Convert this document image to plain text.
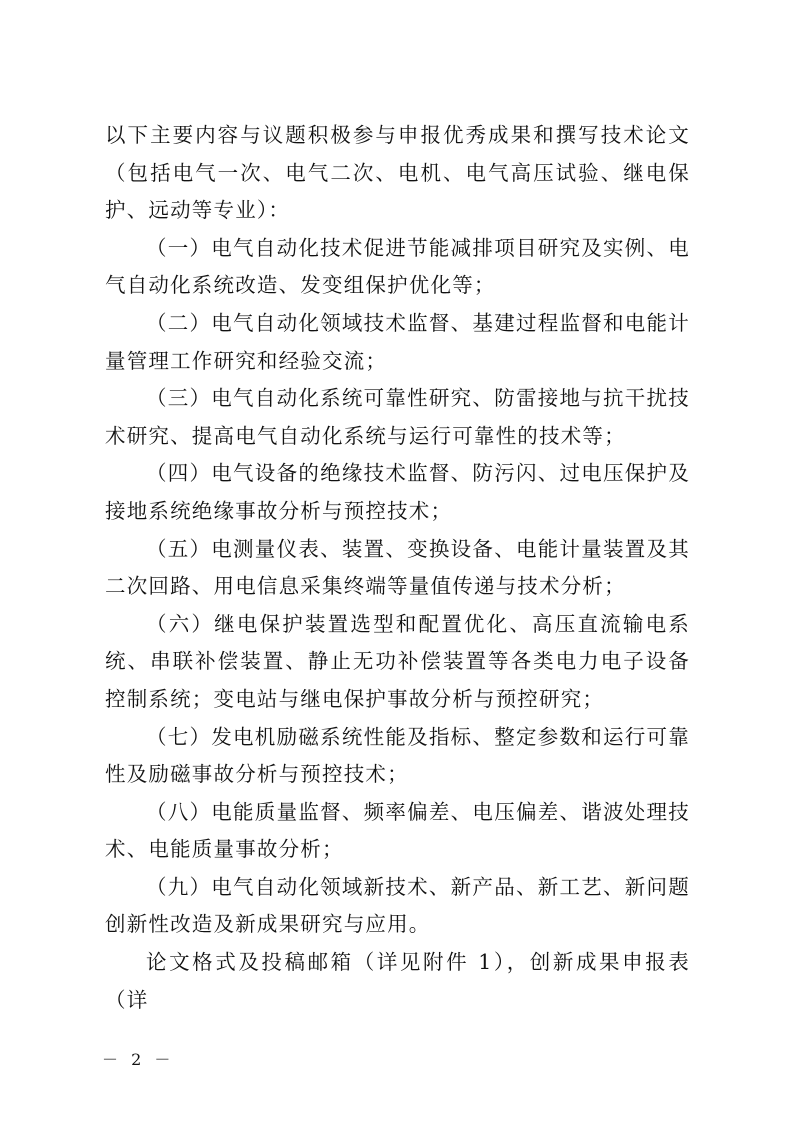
以下主要内容与议题积极参与申报优秀成果和撰写技术论文（包括电气一次、电气二次、电机、电气高压试验、继电保护、远动等专业）：

（一）电气自动化技术促进节能减排项目研究及实例、电气自动化系统改造、发变组保护优化等；

（二）电气自动化领域技术监督、基建过程监督和电能计量管理工作研究和经验交流；

（三）电气自动化系统可靠性研究、防雷接地与抗干扰技术研究、提高电气自动化系统与运行可靠性的技术等；

（四）电气设备的绝缘技术监督、防污闪、过电压保护及接地系统绝缘事故分析与预控技术；

（五）电测量仪表、装置、变换设备、电能计量装置及其二次回路、用电信息采集终端等量值传递与技术分析；

（六）继电保护装置选型和配置优化、高压直流输电系统、串联补偿装置、静止无功补偿装置等各类电力电子设备控制系统；变电站与继电保护事故分析与预控研究；

（七）发电机励磁系统性能及指标、整定参数和运行可靠性及励磁事故分析与预控技术；

（八）电能质量监督、频率偏差、电压偏差、谐波处理技术、电能质量事故分析；

（九）电气自动化领域新技术、新产品、新工艺、新问题创新性改造及新成果研究与应用。

论文格式及投稿邮箱（详见附件 1），创新成果申报表（详

－ 2 －
